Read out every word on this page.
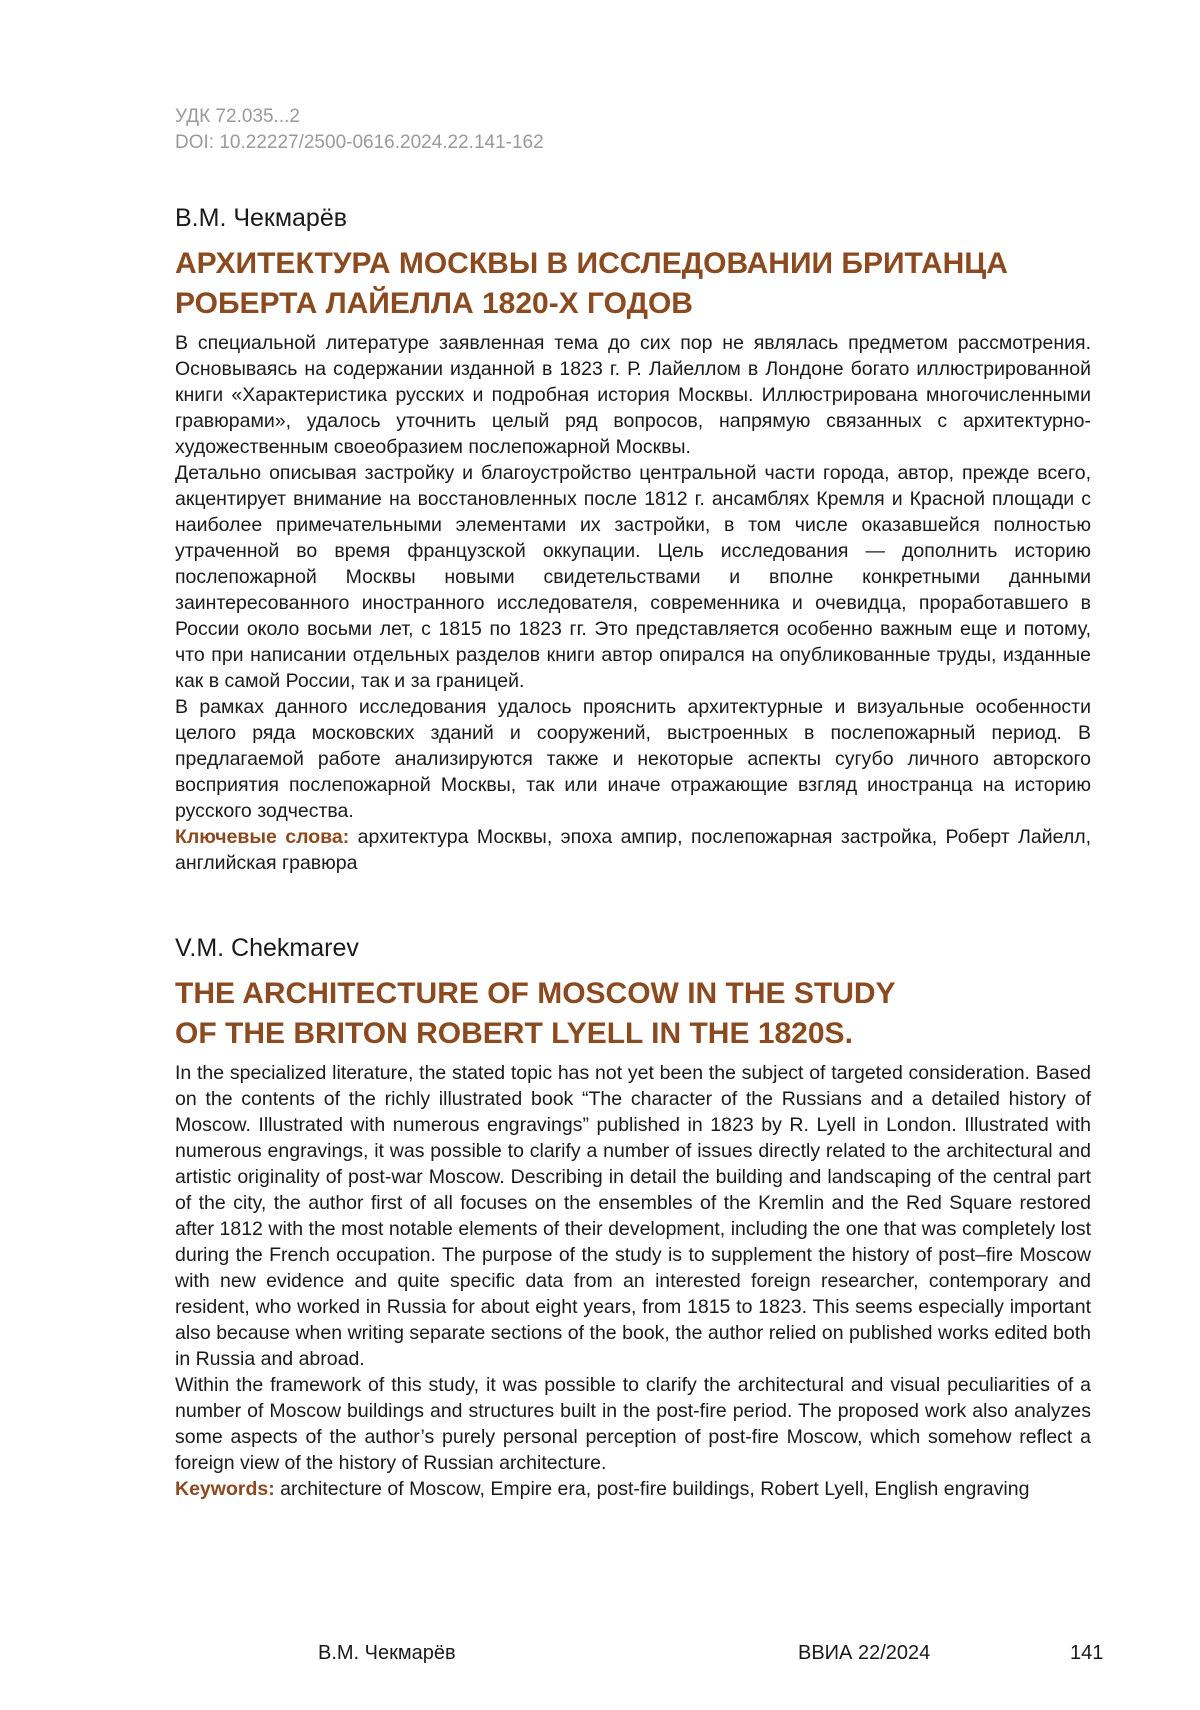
УДК 72.035...2
DOI: 10.22227/2500-0616.2024.22.141-162
В.М. Чекмарёв
АРХИТЕКТУРА МОСКВЫ В ИССЛЕДОВАНИИ БРИТАНЦА
РОБЕРТА ЛАЙЕЛЛА 1820-Х ГОДОВ

В специальной литературе заявленная тема до сих пор не являлась предметом рассмотрения. Основываясь на содержании изданной в 1823 г. Р. Лайеллом в Лондоне богато иллюстрированной книги «Характеристика русских и подробная история Москвы. Иллюстрирована многочисленными гравюрами», удалось уточнить целый ряд вопросов, напрямую связанных с архитектурно-художественным своеобразием послепожарной Москвы.

Детально описывая застройку и благоустройство центральной части города, автор, прежде всего, акцентирует внимание на восстановленных после 1812 г. ансамблях Кремля и Красной площади с наиболее примечательными элементами их застройки, в том числе оказавшейся полностью утраченной во время французской оккупации. Цель исследования — дополнить историю послепожарной Москвы новыми свидетельствами и вполне конкретными данными заинтересованного иностранного исследователя, современника и очевидца, проработавшего в России около восьми лет, с 1815 по 1823 гг. Это представляется особенно важным еще и потому, что при написании отдельных разделов книги автор опирался на опубликованные труды, изданные как в самой России, так и за границей.

В рамках данного исследования удалось прояснить архитектурные и визуальные особенности целого ряда московских зданий и сооружений, выстроенных в послепожарный период. В предлагаемой работе анализируются также и некоторые аспекты сугубо личного авторского восприятия послепожарной Москвы, так или иначе отражающие взгляд иностранца на историю русского зодчества.

Ключевые слова: архитектура Москвы, эпоха ампир, послепожарная застройка, Роберт Лайелл, английская гравюра

V.M. Chekmarev
THE ARCHITECTURE OF MOSCOW IN THE STUDY
OF THE BRITON ROBERT LYELL IN THE 1820S.

In the specialized literature, the stated topic has not yet been the subject of targeted consideration. Based on the contents of the richly illustrated book “The character of the Russians and a detailed history of Moscow. Illustrated with numerous engravings” published in 1823 by R. Lyell in London. Illustrated with numerous engravings, it was possible to clarify a number of issues directly related to the architectural and artistic originality of post-war Moscow. Describing in detail the building and landscaping of the central part of the city, the author first of all focuses on the ensembles of the Kremlin and the Red Square restored after 1812 with the most notable elements of their development, including the one that was completely lost during the French occupation. The purpose of the study is to supplement the history of post–fire Moscow with new evidence and quite specific data from an interested foreign researcher, contemporary and resident, who worked in Russia for about eight years, from 1815 to 1823. This seems especially important also because when writing separate sections of the book, the author relied on published works edited both in Russia and abroad.

Within the framework of this study, it was possible to clarify the architectural and visual peculiarities of a number of Moscow buildings and structures built in the post-fire period. The proposed work also analyzes some aspects of the author’s purely personal perception of post-fire Moscow, which somehow reflect a foreign view of the history of Russian architecture.

Keywords: architecture of Moscow, Empire era, post-fire buildings, Robert Lyell, English engraving

В.М. Чекмарёв	ВВИА 22/2024	141
